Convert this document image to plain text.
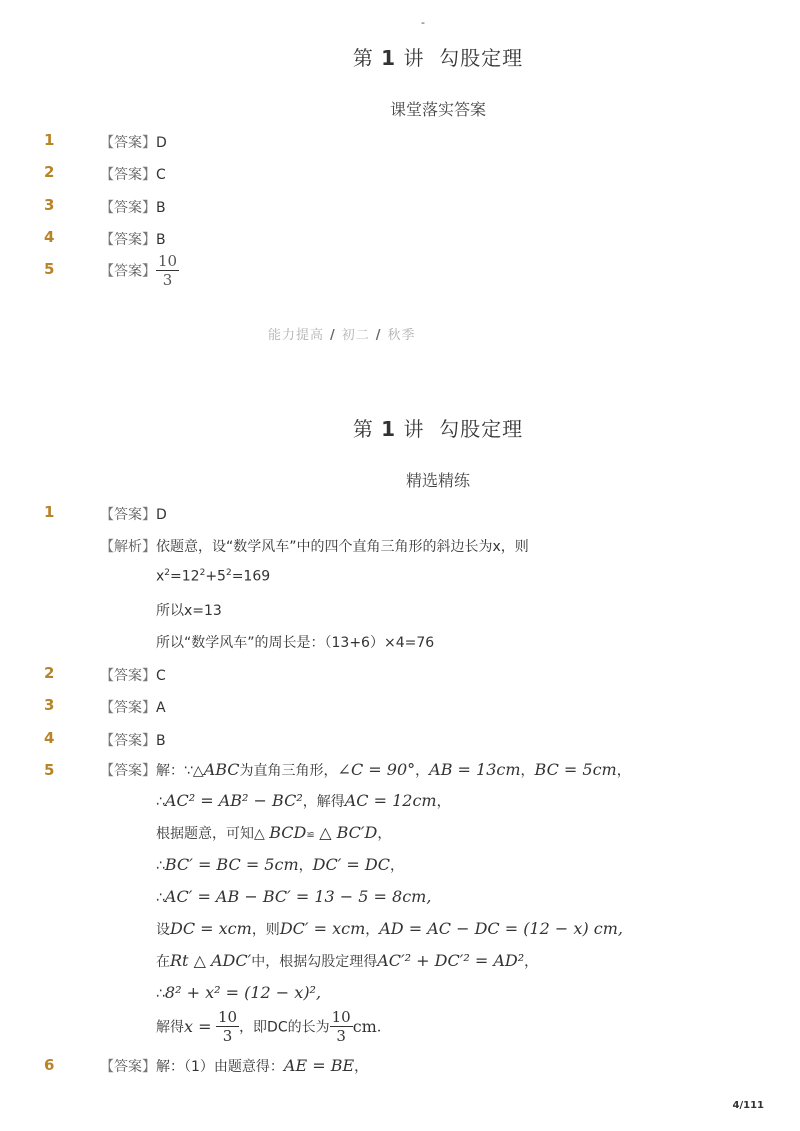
-
第 1 讲 勾股定理
课堂落实答案
1	【答案】D
2	【答案】C
3	【答案】B
4	【答案】B
5	【答案】 $\frac{10}{3}$
能力提高 / 初二 / 秋季
第 1 讲 勾股定理
精选精练
1	【答案】D
【解析】依题意，设“数学风车”中的四个直角三角形的斜边长为x，则
$x^2=12^2+5^2=169$
所以x=13
所以“数学风车”的周长是：（13+6）×4=76
2	【答案】C
3	【答案】A
4	【答案】B
5	【答案】解：∵△ABC为直角三角形，∠C = 90°，AB = 13cm，BC = 5cm，
∴AC² = AB² − BC²，解得AC = 12cm，
根据题意，可知△ BCD≌ △ BC′D，
∴BC′ = BC = 5cm，DC′ = DC，
∴AC′ = AB − BC′ = 13 − 5 = 8cm,
设DC = xcm，则DC′ = xcm，AD = AC − DC = (12 − x) cm,
在Rt △ ADC′中，根据勾股定理得AC′² + DC′² = AD²，
∴8² + x² = (12 − x)²,
解得$x = \frac{10}{3}$ ，即DC的长为 $\frac{10}{3}$ cm．
6	【答案】解：（1）由题意得：AE = BE，
4/111
